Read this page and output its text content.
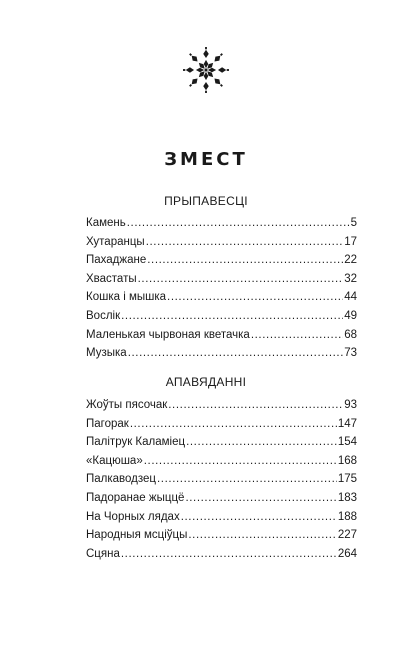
ЗМЕСТ
ПРЫПАВЕСЦІ
Камень .....	5
Хутаранцы .....	17
Пахаджане .....	22
Хвастаты .....	32
Кошка і мышка .....	44
Вослік .....	49
Маленькая чырвоная кветачка .....	68
Музыка .....	73
АПАВЯДАННІ
Жоўты пясочак .....	93
Пагорак .....	147
Палітрук Каламіец .....	154
«Кацюша» .....	168
Палкаводзец .....	175
Падоранае жыццё .....	183
На Чорных лядах .....	188
Народныя мсціўцы .....	227
Сцяна .....	264
